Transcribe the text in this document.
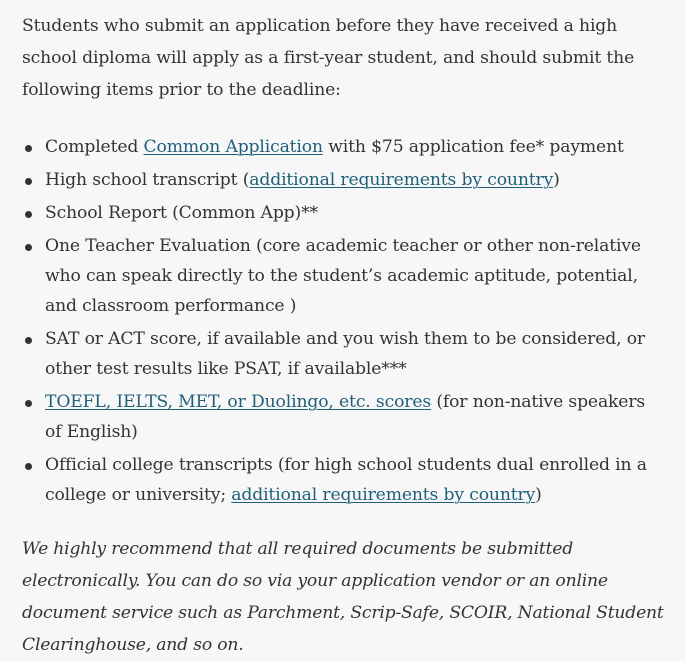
Students who submit an application before they have received a high school diploma will apply as a first-year student, and should submit the following items prior to the deadline:

Completed Common Application with $75 application fee* payment
High school transcript (additional requirements by country)
School Report (Common App)**
One Teacher Evaluation (core academic teacher or other non-relative who can speak directly to the student’s academic aptitude, potential, and classroom performance )
SAT or ACT score, if available and you wish them to be considered, or other test results like PSAT, if available***
TOEFL, IELTS, MET, or Duolingo, etc. scores (for non-native speakers of English)
Official college transcripts (for high school students dual enrolled in a college or university; additional requirements by country)

We highly recommend that all required documents be submitted electronically. You can do so via your application vendor or an online document service such as Parchment, Scrip-Safe, SCOIR, National Student Clearinghouse, and so on.
